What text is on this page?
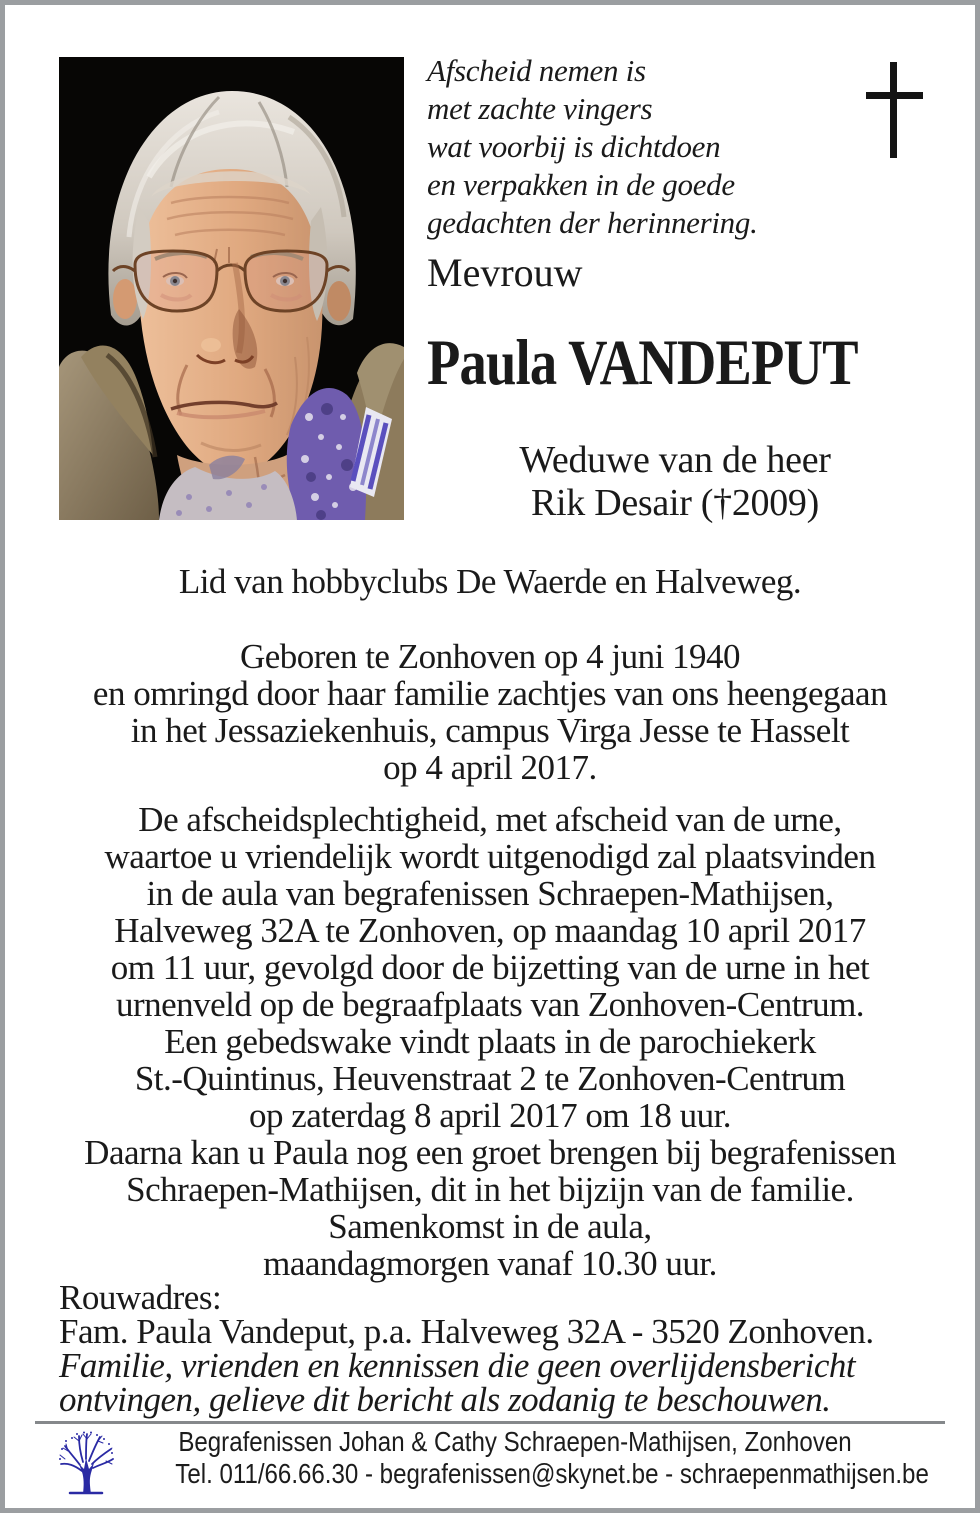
Afscheid nemen is
met zachte vingers
wat voorbij is dichtdoen
en verpakken in de goede
gedachten der herinnering.
Mevrouw
Paula VANDEPUT
Weduwe van de heer
Rik Desair (†2009)
Lid van hobbyclubs De Waerde en Halveweg.
Geboren te Zonhoven op 4 juni 1940
en omringd door haar familie zachtjes van ons heengegaan
in het Jessaziekenhuis, campus Virga Jesse te Hasselt
op 4 april 2017.
De afscheidsplechtigheid, met afscheid van de urne,
waartoe u vriendelijk wordt uitgenodigd zal plaatsvinden
in de aula van begrafenissen Schraepen-Mathijsen,
Halveweg 32A te Zonhoven, op maandag 10 april 2017
om 11 uur, gevolgd door de bijzetting van de urne in het
urnenveld op de begraafplaats van Zonhoven-Centrum.
Een gebedswake vindt plaats in de parochiekerk
St.-Quintinus, Heuvenstraat 2 te Zonhoven-Centrum
op zaterdag 8 april 2017 om 18 uur.
Daarna kan u Paula nog een groet brengen bij begrafenissen
Schraepen-Mathijsen, dit in het bijzijn van de familie.
Samenkomst in de aula,
maandagmorgen vanaf 10.30 uur.
Rouwadres:
Fam. Paula Vandeput, p.a. Halveweg 32A - 3520 Zonhoven.
Familie, vrienden en kennissen die geen overlijdensbericht
ontvingen, gelieve dit bericht als zodanig te beschouwen.
Begrafenissen Johan & Cathy Schraepen-Mathijsen, Zonhoven
Tel. 011/66.66.30 - begrafenissen@skynet.be - schraepenmathijsen.be
